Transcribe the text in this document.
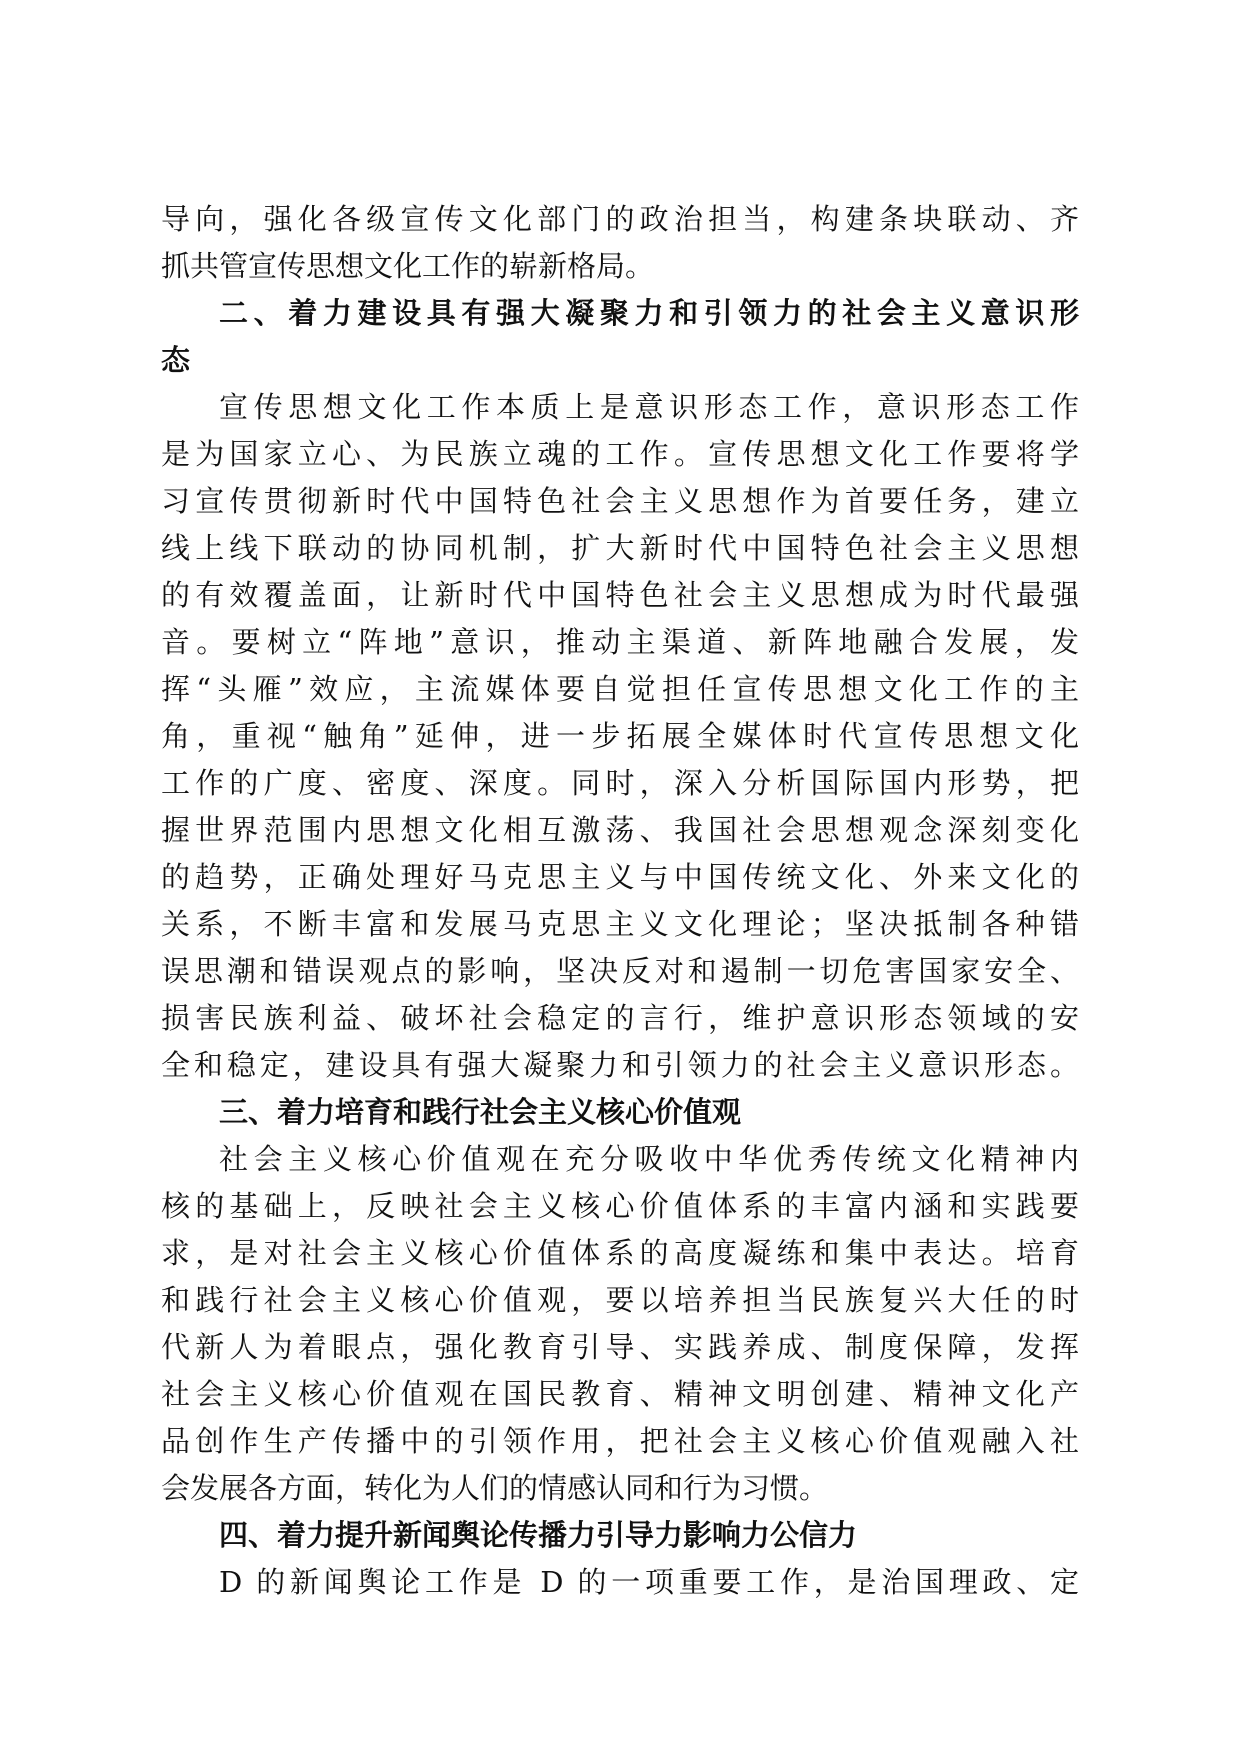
导向，强化各级宣传文化部门的政治担当，构建条块联动、齐
抓共管宣传思想文化工作的崭新格局。
二、着力建设具有强大凝聚力和引领力的社会主义意识形
态
宣传思想文化工作本质上是意识形态工作，意识形态工作
是为国家立心、为民族立魂的工作。宣传思想文化工作要将学
习宣传贯彻新时代中国特色社会主义思想作为首要任务，建立
线上线下联动的协同机制，扩大新时代中国特色社会主义思想
的有效覆盖面，让新时代中国特色社会主义思想成为时代最强
音。要树立“阵地”意识，推动主渠道、新阵地融合发展，发
挥“头雁”效应，主流媒体要自觉担任宣传思想文化工作的主
角，重视“触角”延伸，进一步拓展全媒体时代宣传思想文化
工作的广度、密度、深度。同时，深入分析国际国内形势，把
握世界范围内思想文化相互激荡、我国社会思想观念深刻变化
的趋势，正确处理好马克思主义与中国传统文化、外来文化的
关系，不断丰富和发展马克思主义文化理论；坚决抵制各种错
误思潮和错误观点的影响，坚决反对和遏制一切危害国家安全、
损害民族利益、破坏社会稳定的言行，维护意识形态领域的安
全和稳定，建设具有强大凝聚力和引领力的社会主义意识形态。
三、着力培育和践行社会主义核心价值观
社会主义核心价值观在充分吸收中华优秀传统文化精神内
核的基础上，反映社会主义核心价值体系的丰富内涵和实践要
求，是对社会主义核心价值体系的高度凝练和集中表达。培育
和践行社会主义核心价值观，要以培养担当民族复兴大任的时
代新人为着眼点，强化教育引导、实践养成、制度保障，发挥
社会主义核心价值观在国民教育、精神文明创建、精神文化产
品创作生产传播中的引领作用，把社会主义核心价值观融入社
会发展各方面，转化为人们的情感认同和行为习惯。
四、着力提升新闻舆论传播力引导力影响力公信力
D 的新闻舆论工作是 D 的一项重要工作，是治国理政、定
